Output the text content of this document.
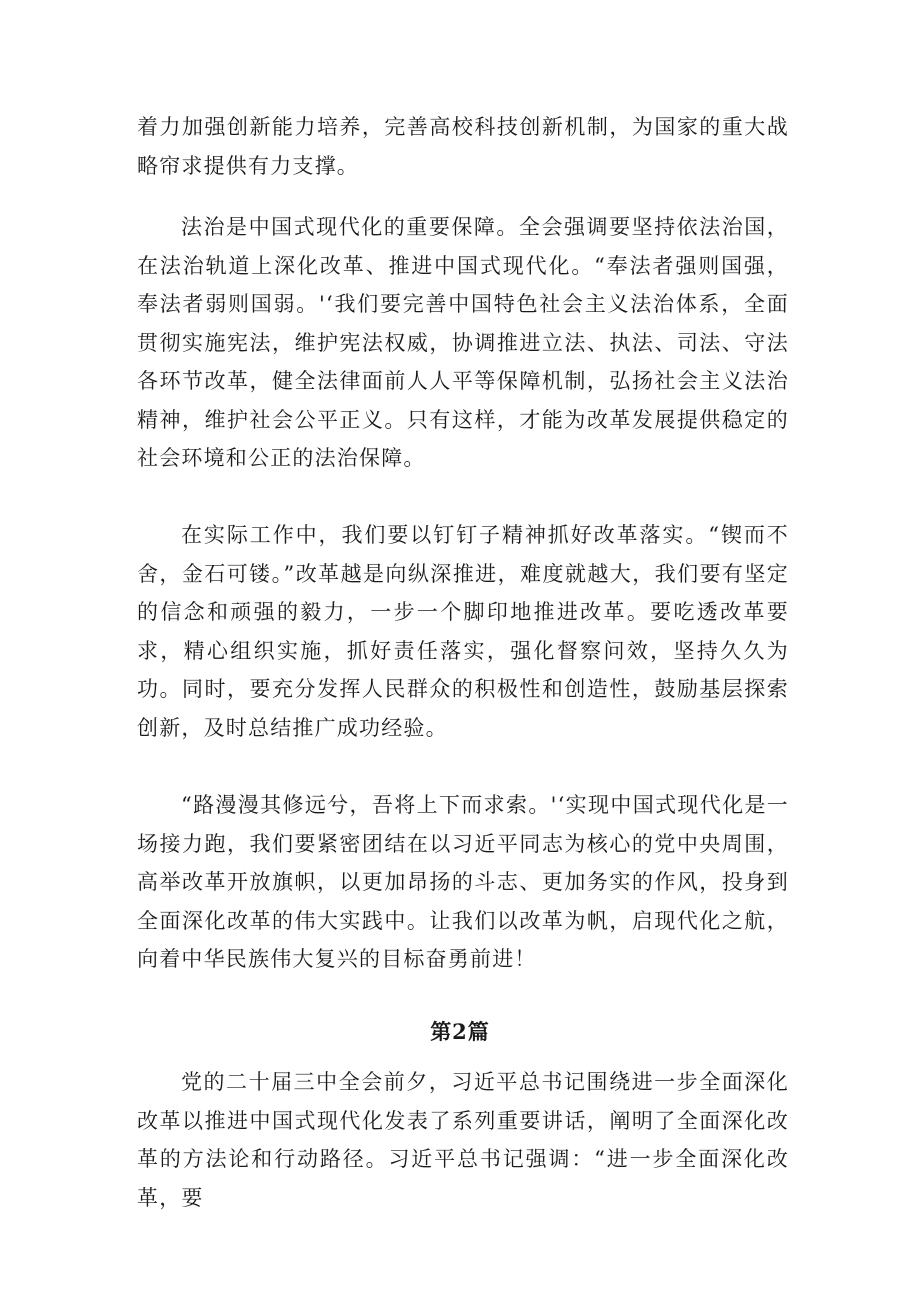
着力加强创新能力培养，完善高校科技创新机制，为国家的重大战略帘求提供有力支撑。

法治是中国式现代化的重要保障。全会强调要坚持依法治国，在法治轨道上深化改革、推进中国式现代化。“奉法者强则国强，奉法者弱则国弱。'‘我们要完善中国特色社会主义法治体系，全面贯彻实施宪法，维护宪法权威，协调推进立法、执法、司法、守法各环节改革，健全法律面前人人平等保障机制，弘扬社会主义法治精神，维护社会公平正义。只有这样，才能为改革发展提供稳定的社会环境和公正的法治保障。

在实际工作中，我们要以钉钉子精神抓好改革落实。“锲而不舍，金石可镂。”改革越是向纵深推进，难度就越大，我们要有坚定的信念和顽强的毅力，一步一个脚印地推进改革。要吃透改革要求，精心组织实施，抓好责任落实，强化督察问效，坚持久久为功。同时，要充分发挥人民群众的积极性和创造性，鼓励基层探索创新，及时总结推广成功经验。

“路漫漫其修远兮，吾将上下而求索。'‘实现中国式现代化是一场接力跑，我们要紧密团结在以习近平同志为核心的党中央周围，高举改革开放旗帜，以更加昂扬的斗志、更加务实的作风，投身到全面深化改革的伟大实践中。让我们以改革为帆，启现代化之航，向着中华民族伟大复兴的目标奋勇前进！

第2篇

党的二十届三中全会前夕，习近平总书记围绕进一步全面深化改革以推进中国式现代化发表了系列重要讲话，阐明了全面深化改革的方法论和行动路径。习近平总书记强调：“进一步全面深化改革，要
